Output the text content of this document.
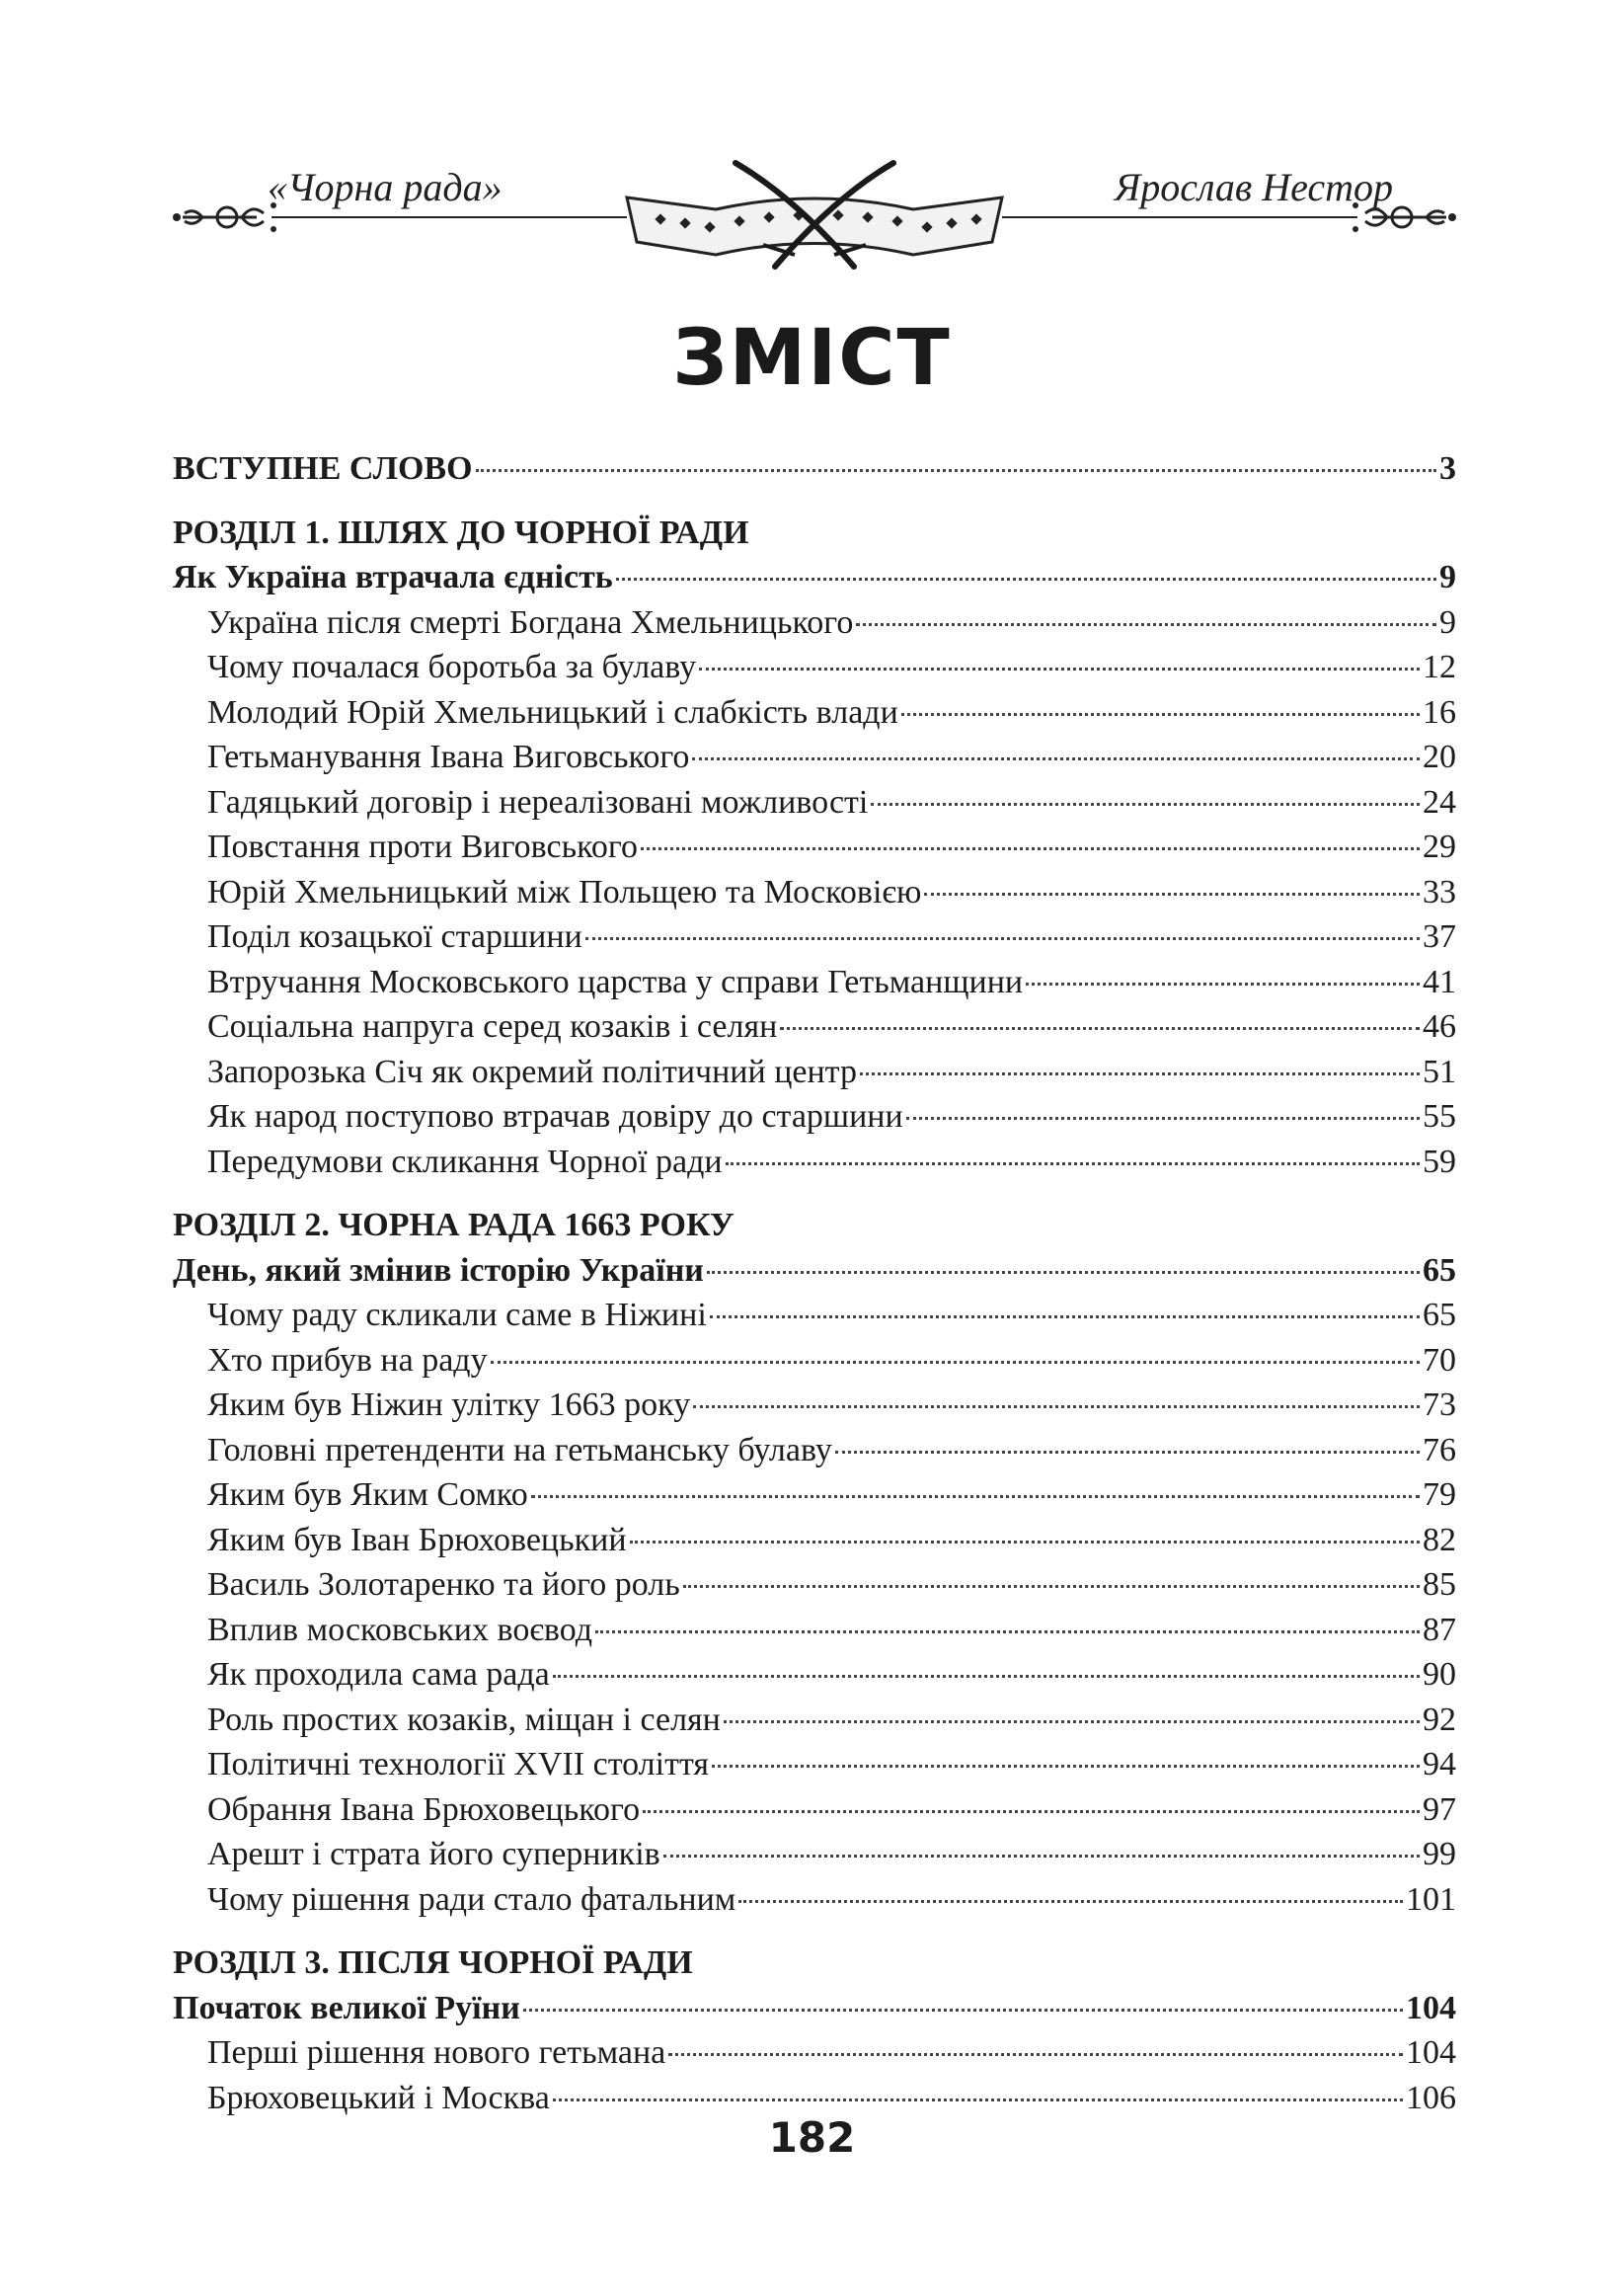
«Чорна рада»	Ярослав Нестор
ЗМІСТ
ВСТУПНЕ СЛОВО	3
РОЗДІЛ 1. ШЛЯХ ДО ЧОРНОЇ РАДИ
Як Україна втрачала єдність	9
Україна після смерті Богдана Хмельницького	9
Чому почалася боротьба за булаву	12
Молодий Юрій Хмельницький і слабкість влади	16
Гетьманування Івана Виговського	20
Гадяцький договір і нереалізовані можливості	24
Повстання проти Виговського	29
Юрій Хмельницький між Польщею та Московією	33
Поділ козацької старшини	37
Втручання Московського царства у справи Гетьманщини	41
Соціальна напруга серед козаків і селян	46
Запорозька Січ як окремий політичний центр	51
Як народ поступово втрачав довіру до старшини	55
Передумови скликання Чорної ради	59
РОЗДІЛ 2. ЧОРНА РАДА 1663 РОКУ
День, який змінив історію України	65
Чому раду скликали саме в Ніжині	65
Хто прибув на раду	70
Яким був Ніжин улітку 1663 року	73
Головні претенденти на гетьманську булаву	76
Яким був Яким Сомко	79
Яким був Іван Брюховецький	82
Василь Золотаренко та його роль	85
Вплив московських воєвод	87
Як проходила сама рада	90
Роль простих козаків, міщан і селян	92
Політичні технології XVII століття	94
Обрання Івана Брюховецького	97
Арешт і страта його суперників	99
Чому рішення ради стало фатальним	101
РОЗДІЛ 3. ПІСЛЯ ЧОРНОЇ РАДИ
Початок великої Руїни	104
Перші рішення нового гетьмана	104
Брюховецький і Москва	106
182
